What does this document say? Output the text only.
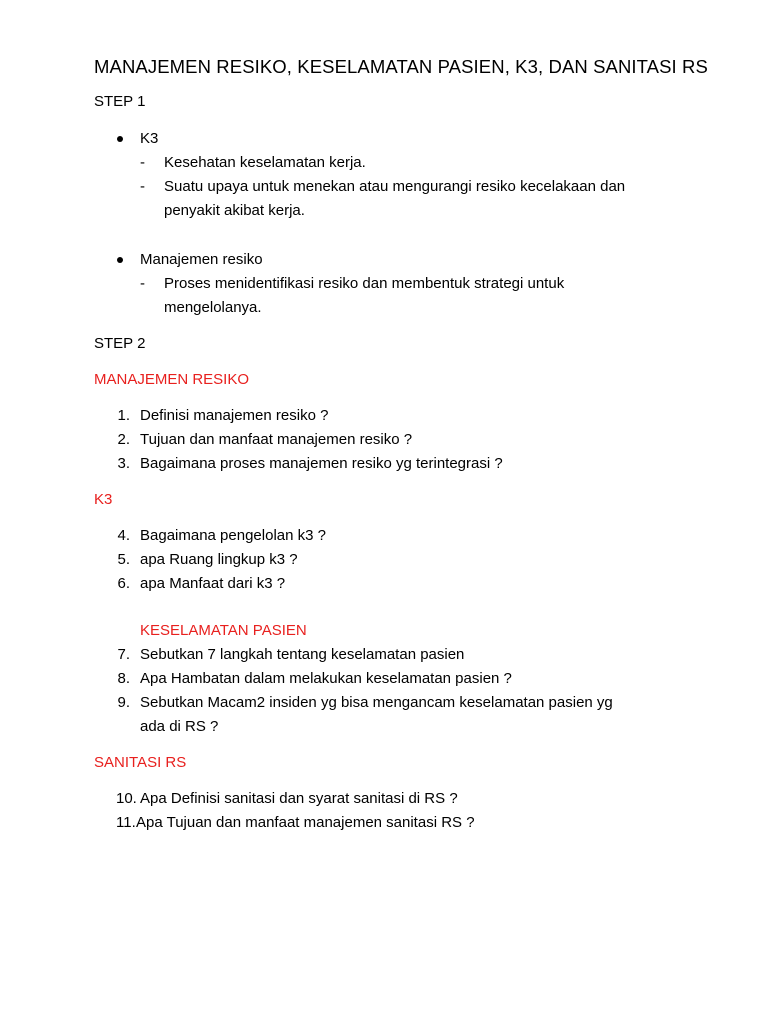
MANAJEMEN RESIKO, KESELAMATAN PASIEN, K3, DAN SANITASI RS
STEP 1
K3
- Kesehatan keselamatan kerja.
- Suatu upaya untuk menekan atau mengurangi resiko kecelakaan dan
penyakit akibat kerja.
Manajemen resiko
- Proses menidentifikasi resiko dan membentuk strategi untuk
mengelolanya.
STEP 2
MANAJEMEN RESIKO
1. Definisi manajemen resiko ?
2. Tujuan dan manfaat manajemen resiko ?
3. Bagaimana proses manajemen resiko yg terintegrasi ?
K3
4. Bagaimana pengelolan k3 ?
5. apa Ruang lingkup k3 ?
6. apa Manfaat dari k3 ?
KESELAMATAN PASIEN
7. Sebutkan 7 langkah tentang keselamatan pasien
8. Apa Hambatan dalam melakukan keselamatan pasien ?
9. Sebutkan Macam2 insiden yg bisa mengancam keselamatan pasien yg
ada di RS ?
SANITASI RS
10. Apa Definisi sanitasi dan syarat sanitasi di RS ?
11. Apa Tujuan dan manfaat manajemen sanitasi RS ?
